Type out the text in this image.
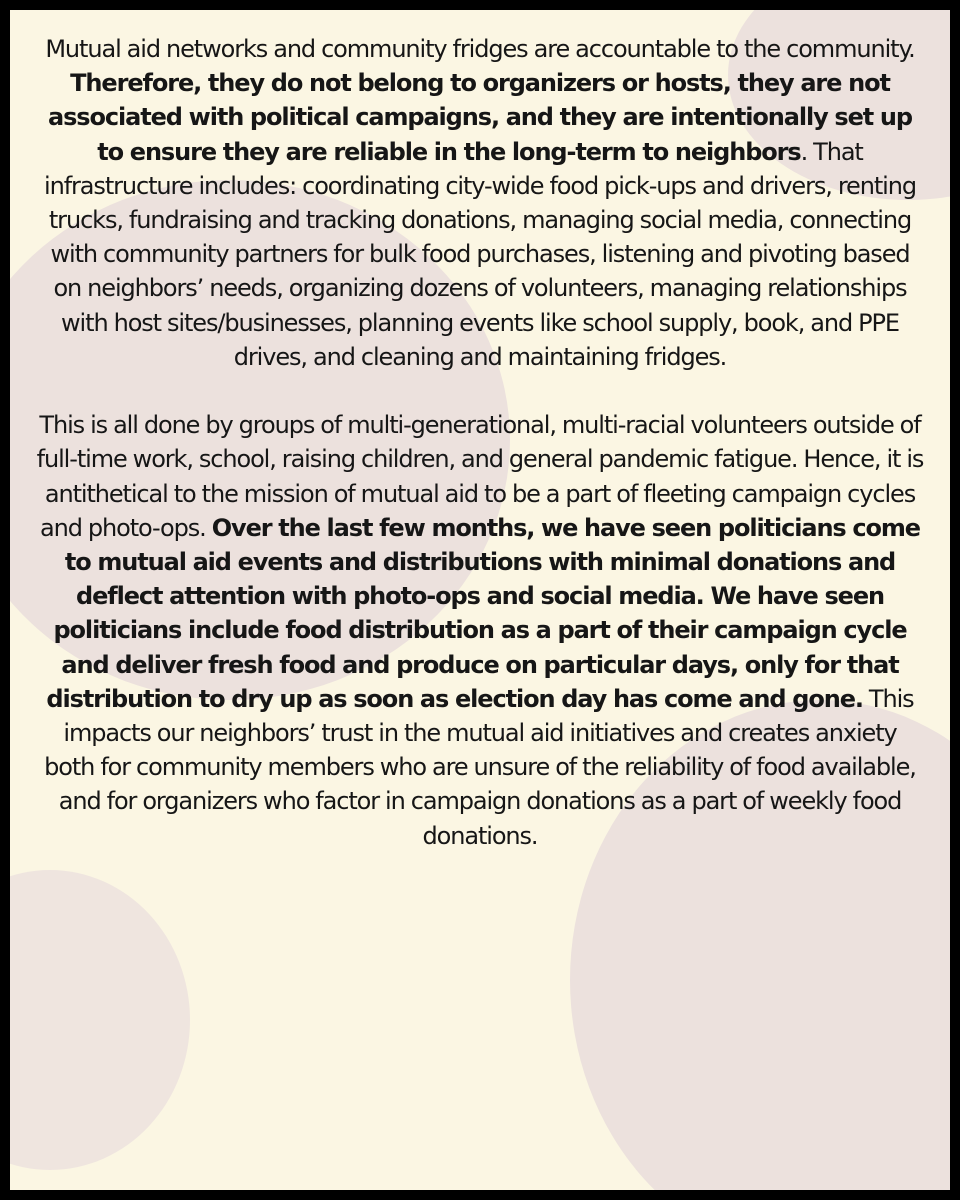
Mutual aid networks and community fridges are accountable to the community. Therefore, they do not belong to organizers or hosts, they are not associated with political campaigns, and they are intentionally set up to ensure they are reliable in the long-term to neighbors. That infrastructure includes: coordinating city-wide food pick-ups and drivers, renting trucks, fundraising and tracking donations, managing social media, connecting with community partners for bulk food purchases, listening and pivoting based on neighbors’ needs, organizing dozens of volunteers, managing relationships with host sites/businesses, planning events like school supply, book, and PPE drives, and cleaning and maintaining fridges.

This is all done by groups of multi-generational, multi-racial volunteers outside of full-time work, school, raising children, and general pandemic fatigue. Hence, it is antithetical to the mission of mutual aid to be a part of fleeting campaign cycles and photo-ops. Over the last few months, we have seen politicians come to mutual aid events and distributions with minimal donations and deflect attention with photo-ops and social media. We have seen politicians include food distribution as a part of their campaign cycle and deliver fresh food and produce on particular days, only for that distribution to dry up as soon as election day has come and gone. This impacts our neighbors’ trust in the mutual aid initiatives and creates anxiety both for community members who are unsure of the reliability of food available, and for organizers who factor in campaign donations as a part of weekly food donations.
